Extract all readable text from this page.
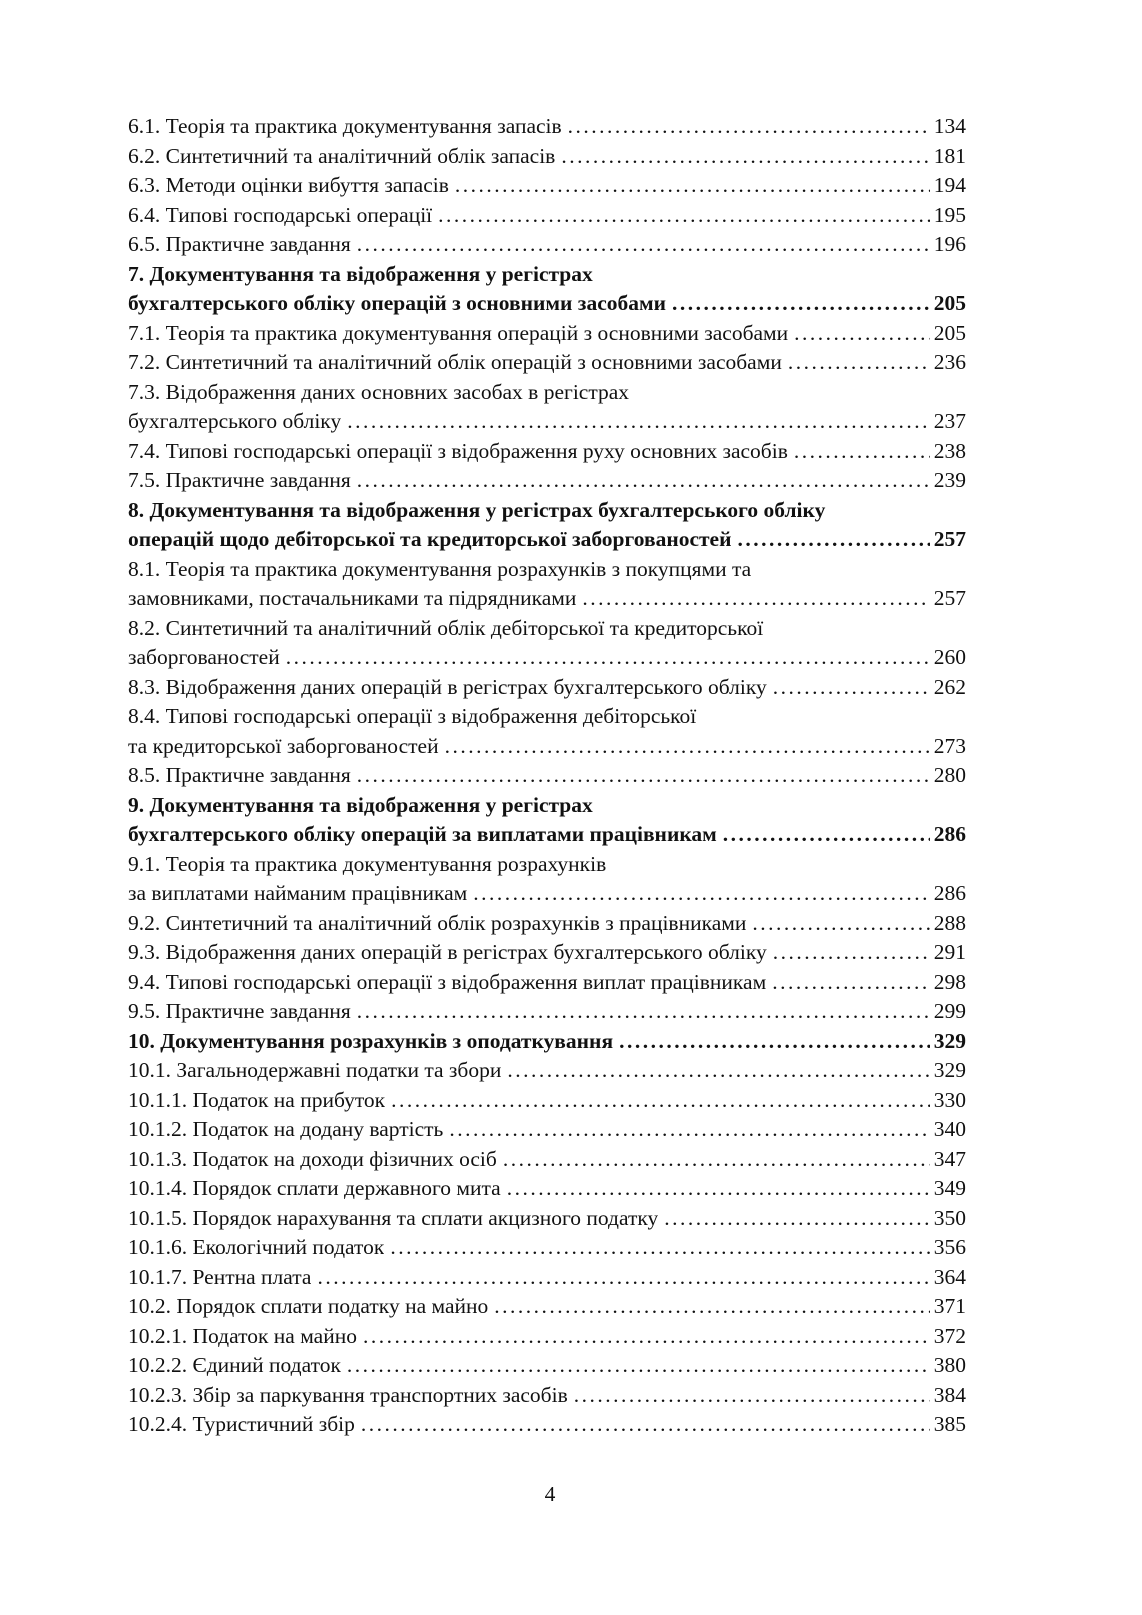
6.1. Теорія та практика документування запасів .....	134
6.2. Синтетичний та аналітичний облік запасів .....	181
6.3. Методи оцінки вибуття запасів .....	194
6.4. Типові господарські операції .....	195
6.5. Практичне завдання .....	196
7. Документування та відображення у регістрах
бухгалтерського обліку операцій з основними засобами .....	205
7.1. Теорія та практика документування операцій з основними засобами .....	205
7.2. Синтетичний та аналітичний облік операцій з основними засобами .....	236
7.3. Відображення даних основних засобах в регістрах
бухгалтерського обліку .....	237
7.4. Типові господарські операції з відображення руху основних засобів .....	238
7.5. Практичне завдання .....	239
8. Документування та відображення у регістрах бухгалтерського обліку
операцій щодо дебіторської та кредиторської заборгованостей .....	257
8.1. Теорія та практика документування розрахунків з покупцями та
замовниками, постачальниками та підрядниками .....	257
8.2. Синтетичний та аналітичний облік дебіторської та кредиторської
заборгованостей .....	260
8.3. Відображення даних операцій в регістрах бухгалтерського обліку .....	262
8.4. Типові господарські операції з відображення дебіторської
та кредиторської заборгованостей .....	273
8.5. Практичне завдання .....	280
9. Документування та відображення у регістрах
бухгалтерського обліку операцій за виплатами працівникам .....	286
9.1. Теорія та практика документування розрахунків
за виплатами найманим працівникам .....	286
9.2. Синтетичний та аналітичний облік розрахунків з працівниками .....	288
9.3. Відображення даних операцій в регістрах бухгалтерського обліку .....	291
9.4. Типові господарські операції з відображення виплат працівникам .....	298
9.5. Практичне завдання .....	299
10. Документування розрахунків з оподаткування .....	329
10.1. Загальнодержавні податки та збори .....	329
10.1.1. Податок на прибуток .....	330
10.1.2. Податок на додану вартість .....	340
10.1.3. Податок на доходи фізичних осіб .....	347
10.1.4. Порядок сплати державного мита .....	349
10.1.5. Порядок нарахування та сплати акцизного податку .....	350
10.1.6. Екологічний податок .....	356
10.1.7. Рентна плата .....	364
10.2. Порядок сплати податку на майно .....	371
10.2.1. Податок на майно .....	372
10.2.2. Єдиний податок .....	380
10.2.3. Збір за паркування транспортних засобів .....	384
10.2.4. Туристичний збір .....	385
4
